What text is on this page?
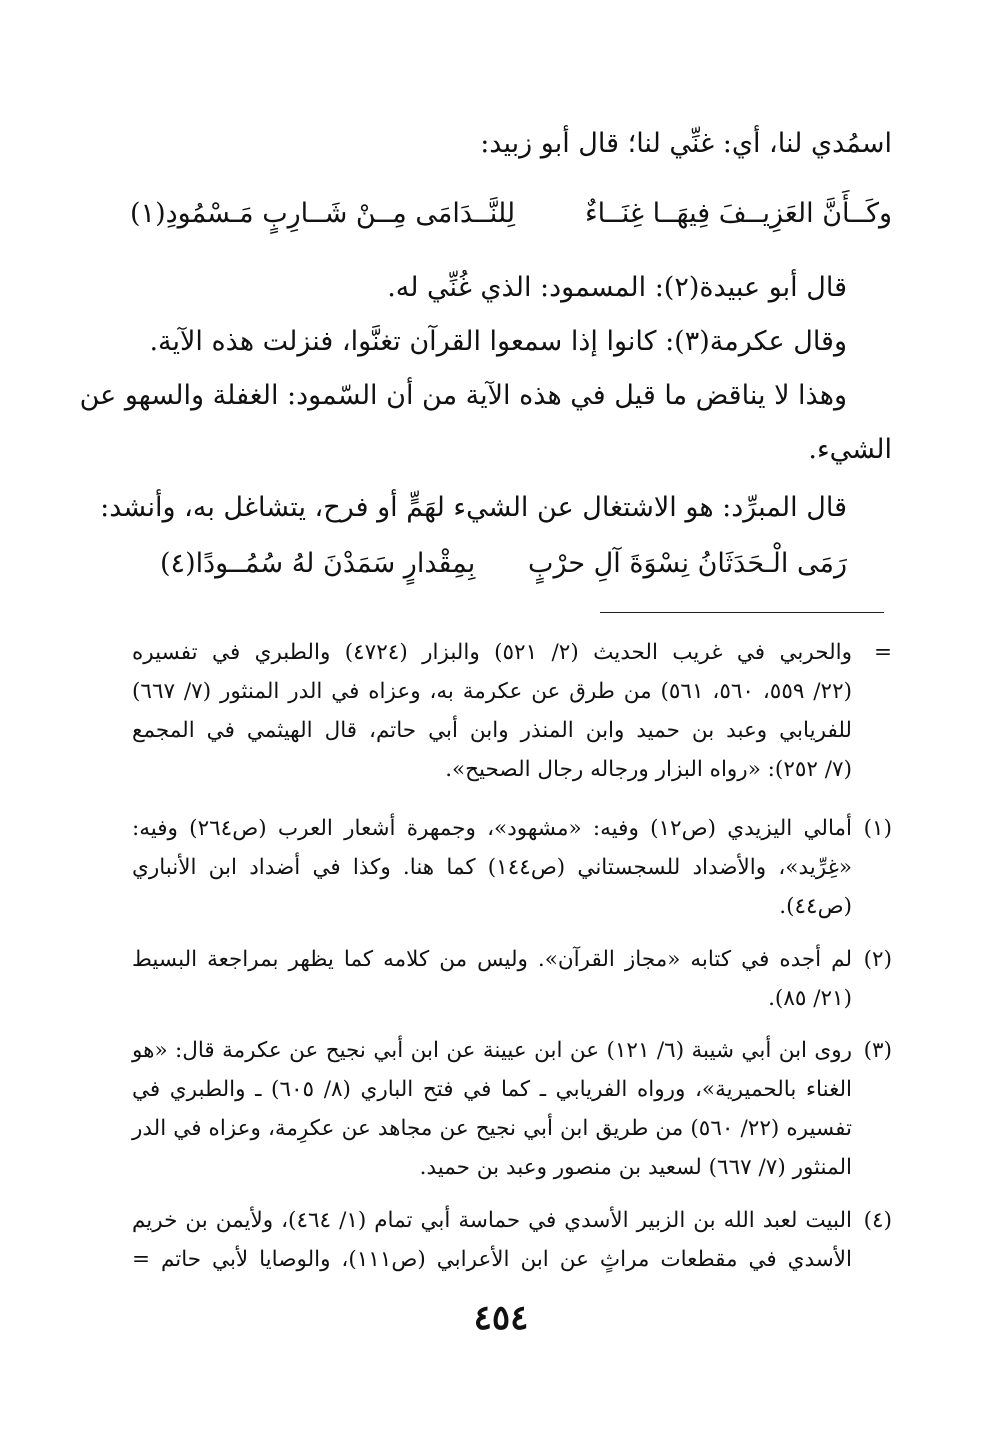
اسمُدي لنا، أي: غنِّي لنا؛ قال أبو زبيد:
وكَــأَنَّ العَزِيــفَ فِيهَــا غِنَــاءٌ
لِلنَّــدَامَى مِــنْ شَــارِبٍ مَـسْمُودِ(١)
قال أبو عبيدة(٢): المسمود: الذي غُنِّي له.
وقال عكرمة(٣): كانوا إذا سمعوا القرآن تغنَّوا، فنزلت هذه الآية.
وهذا لا يناقض ما قيل في هذه الآية من أن السّمود: الغفلة والسهو عن
الشيء.
قال المبرِّد: هو الاشتغال عن الشيء لهَمٍّ أو فرح، يتشاغل به، وأنشد:
رَمَى الْـحَدَثَانُ نِسْوَةَ آلِ حرْبٍ
بِمِقْدارٍ سَمَدْنَ لهُ سُمُــودًا(٤)
=
والحربي في غريب الحديث (٢/ ٥٢١) والبزار (٤٧٢٤) والطبري في تفسيره
(٢٢/ ٥٥٩، ٥٦٠، ٥٦١) من طرق عن عكرمة به، وعزاه في الدر المنثور (٧/ ٦٦٧)
للفريابي وعبد بن حميد وابن المنذر وابن أبي حاتم، قال الهيثمي في المجمع
(٧/ ٢٥٢): «رواه البزار ورجاله رجال الصحيح».
(١)
أمالي اليزيدي (ص١٢) وفيه: «مشهود»، وجمهرة أشعار العرب (ص٢٦٤) وفيه:
«غِرِّيد»، والأضداد للسجستاني (ص١٤٤) كما هنا. وكذا في أضداد ابن الأنباري
(ص٤٤).
(٢)
لم أجده في كتابه «مجاز القرآن». وليس من كلامه كما يظهر بمراجعة البسيط
(٢١/ ٨٥).
(٣)
روى ابن أبي شيبة (٦/ ١٢١) عن ابن عيينة عن ابن أبي نجيح عن عكرمة قال: «هو
الغناء بالحميرية»، ورواه الفريابي ـ كما في فتح الباري (٨/ ٦٠٥) ـ والطبري في
تفسيره (٢٢/ ٥٦٠) من طريق ابن أبي نجيح عن مجاهد عن عكرِمة، وعزاه في الدر
المنثور (٧/ ٦٦٧) لسعيد بن منصور وعبد بن حميد.
(٤)
البيت لعبد الله بن الزبير الأسدي في حماسة أبي تمام (١/ ٤٦٤)، ولأيمن بن خريم
الأسدي في مقطعات مراثٍ عن ابن الأعرابي (ص١١١)، والوصايا لأبي حاتم =
٤٥٤
